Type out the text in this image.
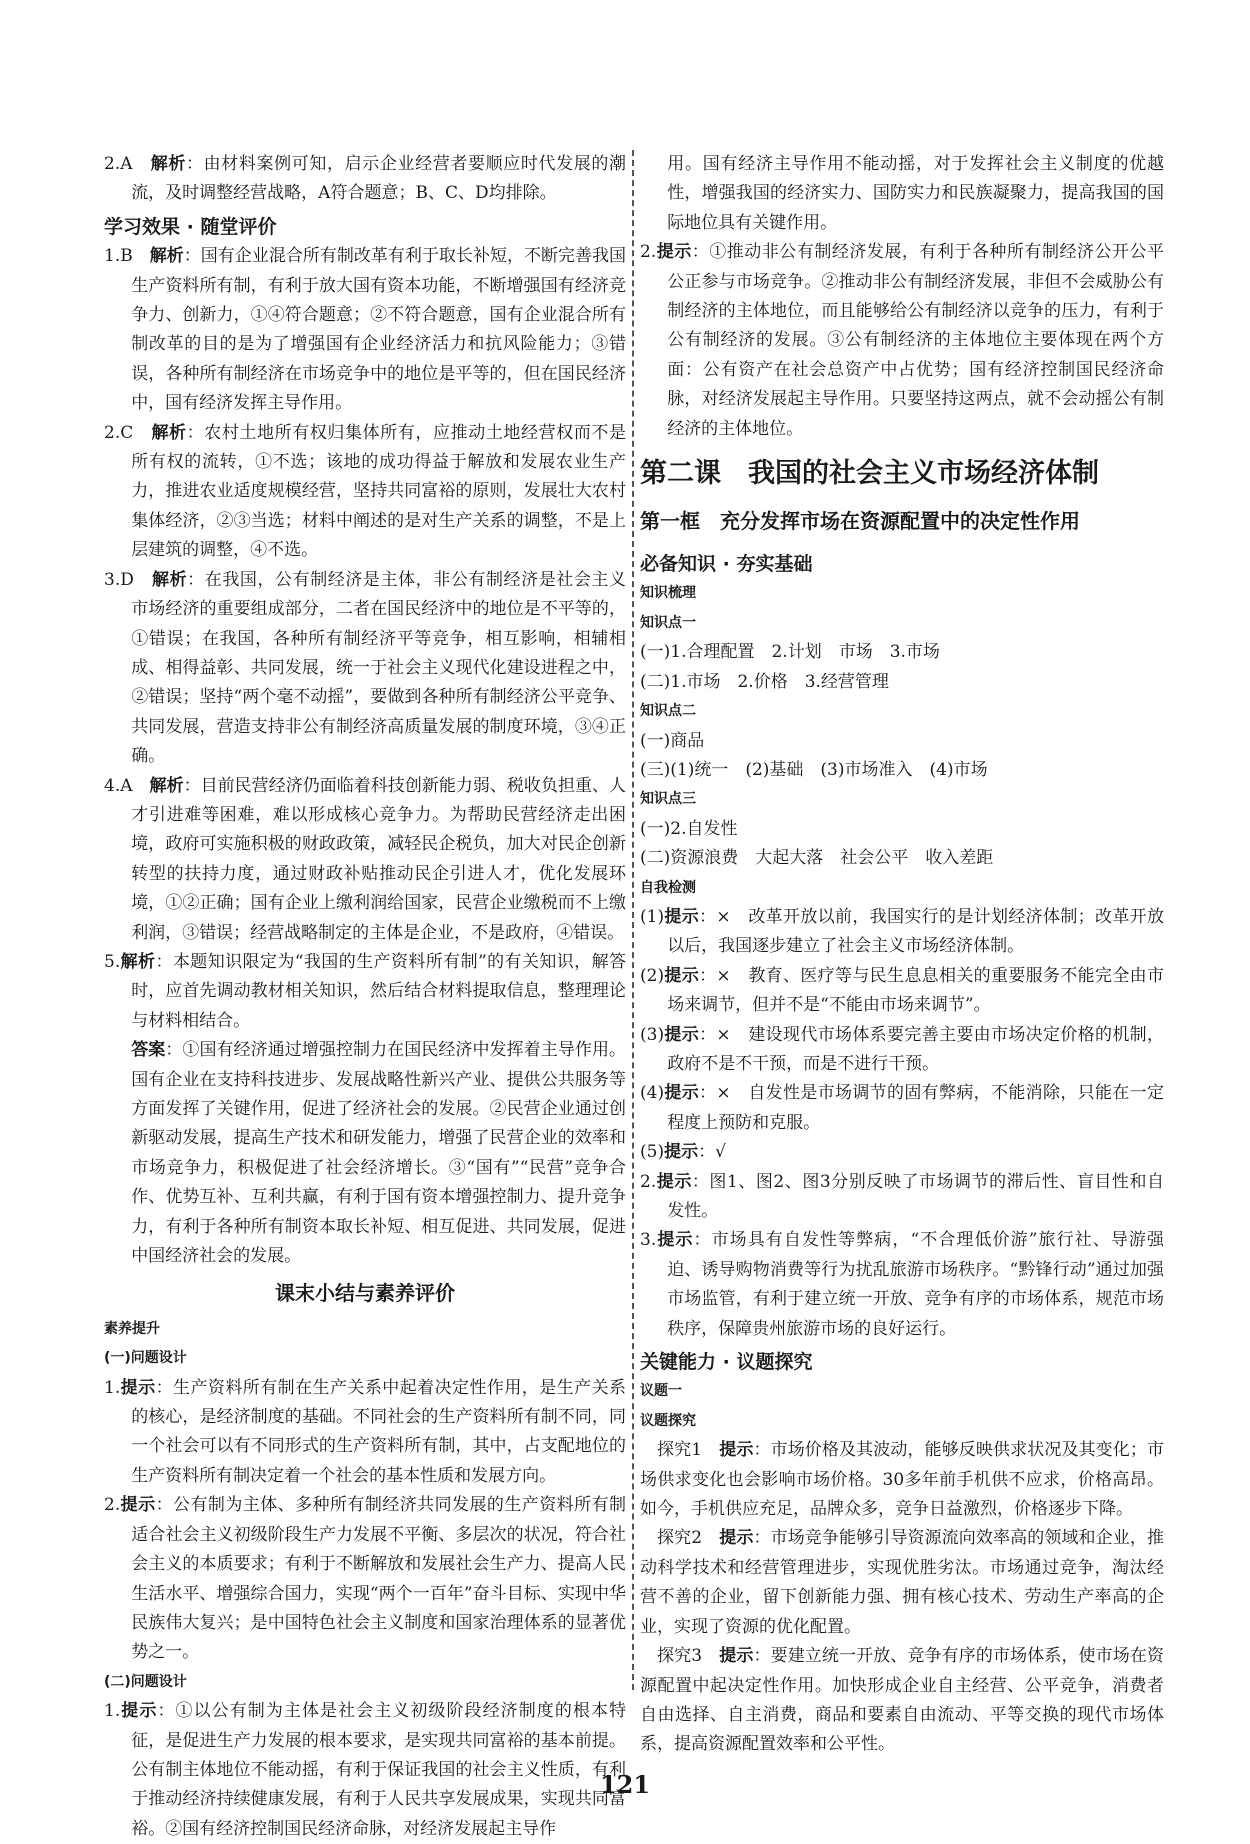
2.A　 解析：由材料案例可知，启示企业经营者要顺应时代发展的潮流，及时调整经营战略，A符合题意；B、C、D均排除。

学习效果 · 随堂评价

1.B　 解析：国有企业混合所有制改革有利于取长补短，不断完善我国生产资料所有制，有利于放大国有资本功能，不断增强国有经济竞争力、创新力，①④符合题意；②不符合题意，国有企业混合所有制改革的目的是为了增强国有企业经济活力和抗风险能力；③错误，各种所有制经济在市场竞争中的地位是平等的，但在国民经济中，国有经济发挥主导作用。

2.C　 解析：农村土地所有权归集体所有，应推动土地经营权而不是所有权的流转，①不选；该地的成功得益于解放和发展农业生产力，推进农业适度规模经营，坚持共同富裕的原则，发展壮大农村集体经济，②③当选；材料中阐述的是对生产关系的调整，不是上层建筑的调整，④不选。

3.D　 解析：在我国，公有制经济是主体，非公有制经济是社会主义市场经济的重要组成部分，二者在国民经济中的地位是不平等的，①错误；在我国，各种所有制经济平等竞争，相互影响，相辅相成、相得益彰、共同发展，统一于社会主义现代化建设进程之中，②错误；坚持“两个毫不动摇”，要做到各种所有制经济公平竞争、共同发展，营造支持非公有制经济高质量发展的制度环境，③④正确。

4.A　 解析：目前民营经济仍面临着科技创新能力弱、税收负担重、人才引进难等困难，难以形成核心竞争力。为帮助民营经济走出困境，政府可实施积极的财政政策，减轻民企税负，加大对民企创新转型的扶持力度，通过财政补贴推动民企引进人才，优化发展环境，①②正确；国有企业上缴利润给国家，民营企业缴税而不上缴利润，③错误；经营战略制定的主体是企业，不是政府，④错误。

5.解析：本题知识限定为“我国的生产资料所有制”的有关知识，解答时，应首先调动教材相关知识，然后结合材料提取信息，整理理论与材料相结合。

答案：①国有经济通过增强控制力在国民经济中发挥着主导作用。国有企业在支持科技进步、发展战略性新兴产业、提供公共服务等方面发挥了关键作用，促进了经济社会的发展。②民营企业通过创新驱动发展，提高生产技术和研发能力，增强了民营企业的效率和市场竞争力，积极促进了社会经济增长。③“国有”“民营”竞争合作、优势互补、互利共赢，有利于国有资本增强控制力、提升竞争力，有利于各种所有制资本取长补短、相互促进、共同发展，促进中国经济社会的发展。

课末小结与素养评价

素养提升

(一)问题设计

1.提示：生产资料所有制在生产关系中起着决定性作用，是生产关系的核心，是经济制度的基础。不同社会的生产资料所有制不同，同一个社会可以有不同形式的生产资料所有制，其中，占支配地位的生产资料所有制决定着一个社会的基本性质和发展方向。

2.提示：公有制为主体、多种所有制经济共同发展的生产资料所有制适合社会主义初级阶段生产力发展不平衡、多层次的状况，符合社会主义的本质要求；有利于不断解放和发展社会生产力、提高人民生活水平、增强综合国力，实现“两个一百年”奋斗目标、实现中华民族伟大复兴；是中国特色社会主义制度和国家治理体系的显著优势之一。

(二)问题设计

1.提示：①以公有制为主体是社会主义初级阶段经济制度的根本特征，是促进生产力发展的根本要求，是实现共同富裕的基本前提。公有制主体地位不能动摇，有利于保证我国的社会主义性质，有利于推动经济持续健康发展，有利于人民共享发展成果，实现共同富裕。②国有经济控制国民经济命脉，对经济发展起主导作

用。国有经济主导作用不能动摇，对于发挥社会主义制度的优越性，增强我国的经济实力、国防实力和民族凝聚力，提高我国的国际地位具有关键作用。

2.提示：①推动非公有制经济发展，有利于各种所有制经济公开公平公正参与市场竞争。②推动非公有制经济发展，非但不会威胁公有制经济的主体地位，而且能够给公有制经济以竞争的压力，有利于公有制经济的发展。③公有制经济的主体地位主要体现在两个方面：公有资产在社会总资产中占优势；国有经济控制国民经济命脉，对经济发展起主导作用。只要坚持这两点，就不会动摇公有制经济的主体地位。

第二课　我国的社会主义市场经济体制

第一框　充分发挥市场在资源配置中的决定性作用

必备知识 · 夯实基础

知识梳理

知识点一

(一)1.合理配置　2.计划　市场　3.市场

(二)1.市场　2.价格　3.经营管理

知识点二

(一)商品

(三)(1)统一　(2)基础　(3)市场准入　(4)市场

知识点三

(一)2.自发性

(二)资源浪费　大起大落　社会公平　收入差距

自我检测

(1)提示：×　改革开放以前，我国实行的是计划经济体制；改革开放以后，我国逐步建立了社会主义市场经济体制。

(2)提示：×　教育、医疗等与民生息息相关的重要服务不能完全由市场来调节，但并不是“不能由市场来调节”。

(3)提示：×　建设现代市场体系要完善主要由市场决定价格的机制，政府不是不干预，而是不进行干预。

(4)提示：×　自发性是市场调节的固有弊病，不能消除，只能在一定程度上预防和克服。

(5)提示：√

2.提示：图1、图2、图3分别反映了市场调节的滞后性、盲目性和自发性。

3.提示：市场具有自发性等弊病，“不合理低价游”旅行社、导游强迫、诱导购物消费等行为扰乱旅游市场秩序。“黔锋行动”通过加强市场监管，有利于建立统一开放、竞争有序的市场体系，规范市场秩序，保障贵州旅游市场的良好运行。

关键能力 · 议题探究

议题一

议题探究

探究1　提示：市场价格及其波动，能够反映供求状况及其变化；市场供求变化也会影响市场价格。30多年前手机供不应求，价格高昂。如今，手机供应充足，品牌众多，竞争日益激烈，价格逐步下降。

探究2　提示：市场竞争能够引导资源流向效率高的领域和企业，推动科学技术和经营管理进步，实现优胜劣汰。市场通过竞争，淘汰经营不善的企业，留下创新能力强、拥有核心技术、劳动生产率高的企业，实现了资源的优化配置。

探究3　提示：要建立统一开放、竞争有序的市场体系，使市场在资源配置中起决定性作用。加快形成企业自主经营、公平竞争，消费者自由选择、自主消费，商品和要素自由流动、平等交换的现代市场体系，提高资源配置效率和公平性。

121
